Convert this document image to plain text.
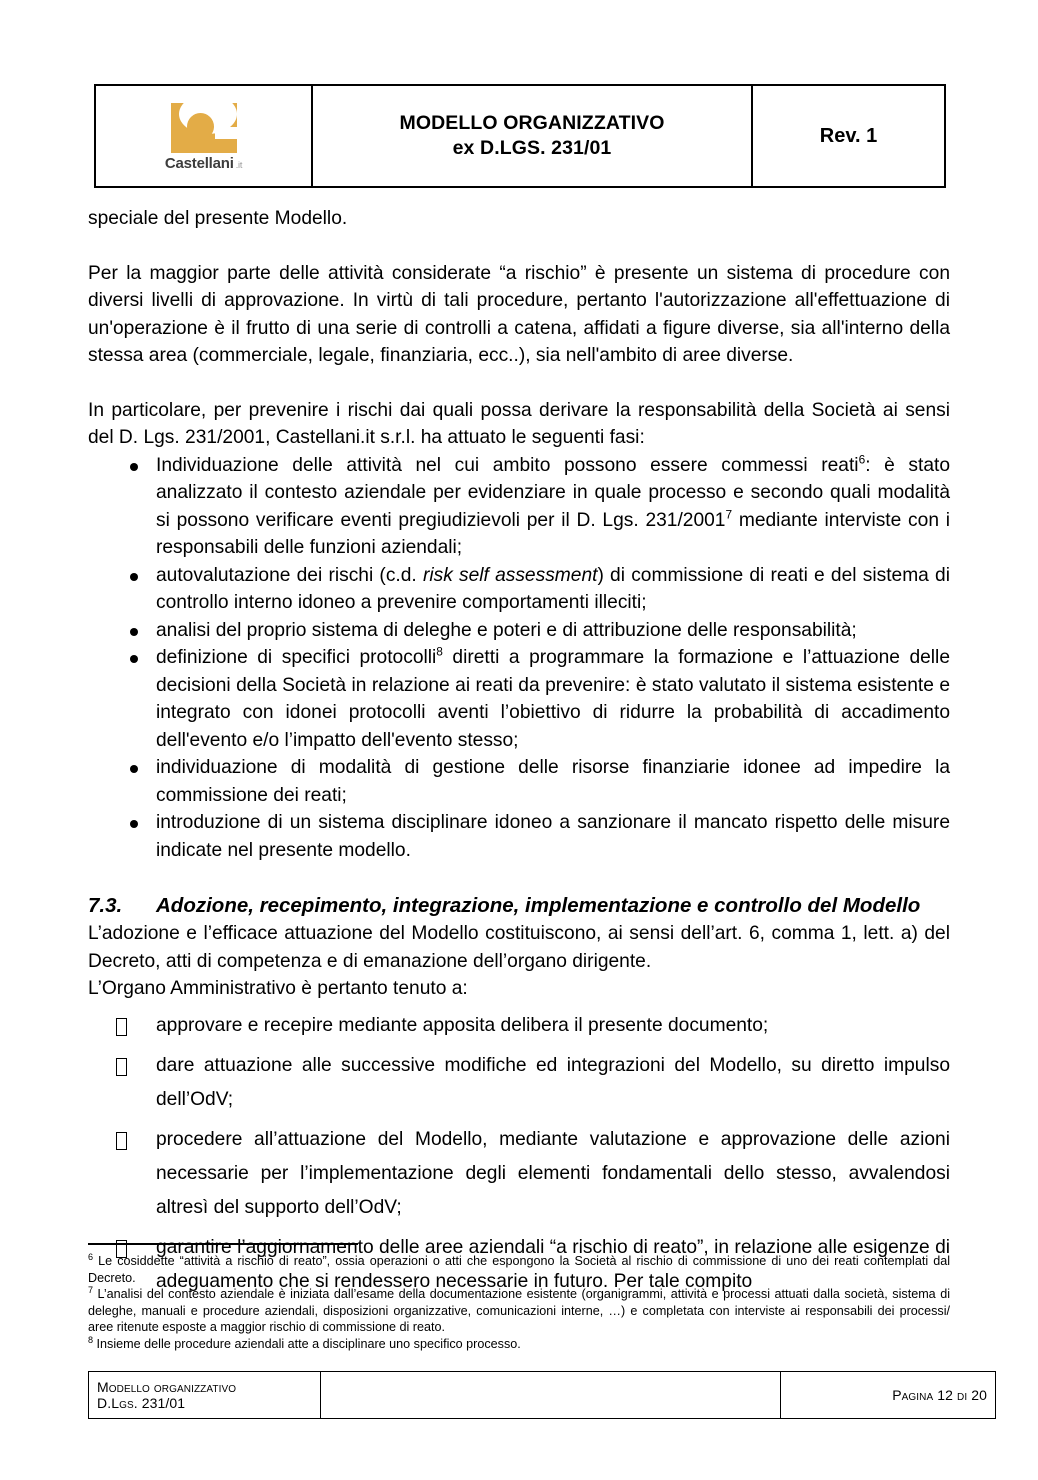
Castellani .it

MODELLO ORGANIZZATIVO
ex D.LGS. 231/01

Rev. 1

speciale del presente Modello.

Per la maggior parte delle attività considerate “a rischio” è presente un sistema di procedure con diversi livelli di approvazione. In virtù di tali procedure, pertanto l'autorizzazione all'effettuazione di un'operazione è il frutto di una serie di controlli a catena, affidati a figure diverse, sia all'interno della stessa area (commerciale, legale, finanziaria, ecc..), sia nell'ambito di aree diverse.

In particolare, per prevenire i rischi dai quali possa derivare la responsabilità della Società ai sensi del D. Lgs. 231/2001, Castellani.it s.r.l. ha attuato le seguenti fasi:

Individuazione delle attività nel cui ambito possono essere commessi reati$^6$: è stato analizzato il contesto aziendale per evidenziare in quale processo e secondo quali modalità si possono verificare eventi pregiudizievoli per il D. Lgs. 231/2001$^7$ mediante interviste con i responsabili delle funzioni aziendali;
autovalutazione dei rischi (c.d. risk self assessment) di commissione di reati e del sistema di controllo interno idoneo a prevenire comportamenti illeciti;
analisi del proprio sistema di deleghe e poteri e di attribuzione delle responsabilità;
definizione di specifici protocolli$^8$ diretti a programmare la formazione e l’attuazione delle decisioni della Società in relazione ai reati da prevenire: è stato valutato il sistema esistente e integrato con idonei protocolli aventi l’obiettivo di ridurre la probabilità di accadimento dell'evento e/o l’impatto dell'evento stesso;
individuazione di modalità di gestione delle risorse finanziarie idonee ad impedire la commissione dei reati;
introduzione di un sistema disciplinare idoneo a sanzionare il mancato rispetto delle misure indicate nel presente modello.
7.3. Adozione, recepimento, integrazione, implementazione e controllo del Modello

L’adozione e l’efficace attuazione del Modello costituiscono, ai sensi dell’art. 6, comma 1, lett. a) del Decreto, atti di competenza e di emanazione dell’organo dirigente.

L’Organo Amministrativo è pertanto tenuto a:

approvare e recepire mediante apposita delibera il presente documento;
dare attuazione alle successive modifiche ed integrazioni del Modello, su diretto impulso dell’OdV;
procedere all’attuazione del Modello, mediante valutazione e approvazione delle azioni necessarie per l’implementazione degli elementi fondamentali dello stesso, avvalendosi altresì del supporto dell’OdV;
garantire l’aggiornamento delle aree aziendali “a rischio di reato”, in relazione alle esigenze di adeguamento che si rendessero necessarie in futuro. Per tale compito

$^6$ Le cosiddette “attività a rischio di reato”, ossia operazioni o atti che espongono la Società al rischio di commissione di uno dei reati contemplati dal Decreto.

$^7$ L’analisi del contesto aziendale è iniziata dall’esame della documentazione esistente (organigrammi, attività e processi attuati dalla società, sistema di deleghe, manuali e procedure aziendali, disposizioni organizzative, comunicazioni interne, …) e completata con interviste ai responsabili dei processi/ aree ritenute esposte a maggior rischio di commissione di reato.

$^8$ Insieme delle procedure aziendali atte a disciplinare uno specifico processo.

Modello organizzativo
D.Lgs. 231/01		Pagina 12 di 20
